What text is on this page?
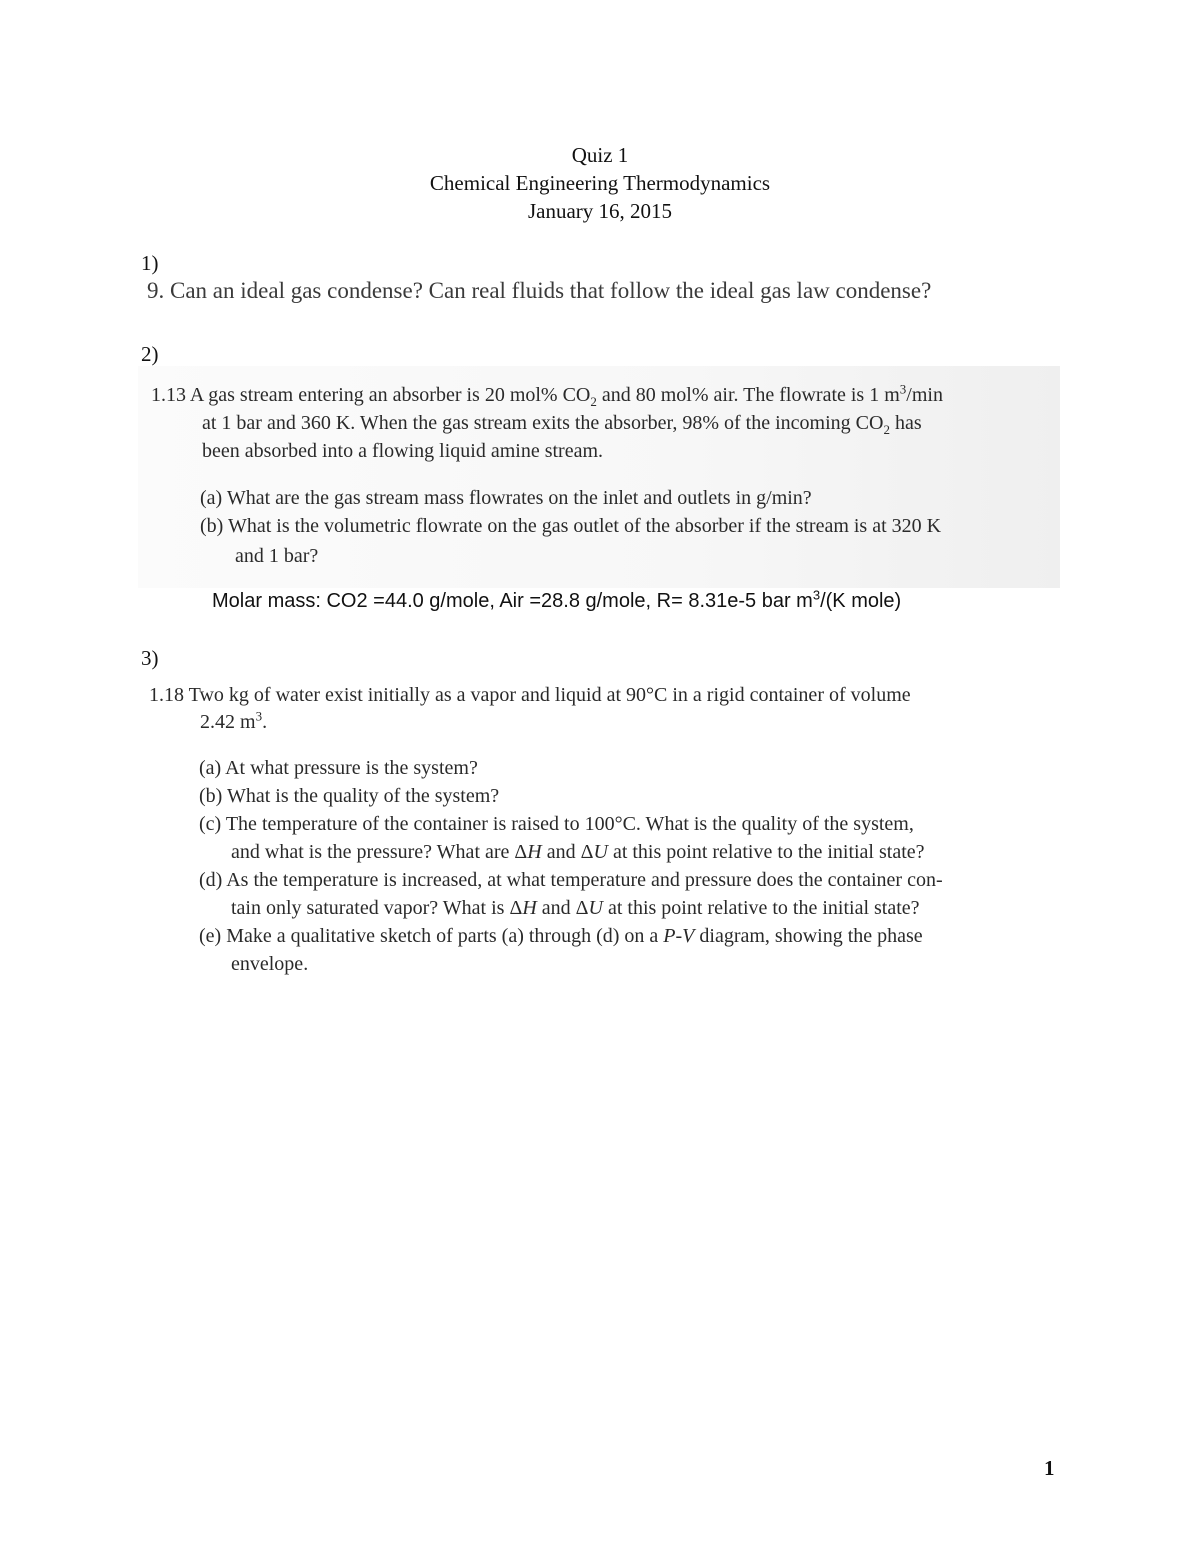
Quiz 1
Chemical Engineering Thermodynamics
January 16, 2015
1)
9. Can an ideal gas condense? Can real fluids that follow the ideal gas law condense?
2)
1.13 A gas stream entering an absorber is 20 mol% $CO_2$ and 80 mol% air. The flowrate is 1 $m^3/\min$
at 1 bar and 360 K. When the gas stream exits the absorber, 98% of the incoming $CO_2$ has
been absorbed into a flowing liquid amine stream.
(a) What are the gas stream mass flowrates on the inlet and outlets in g/min?
(b) What is the volumetric flowrate on the gas outlet of the absorber if the stream is at 320 K
and 1 bar?
Molar mass: CO2 =44.0 g/mole, Air =28.8 g/mole, R= 8.31e-5 bar $m^3/(K$ mole)
3)
1.18 Two kg of water exist initially as a vapor and liquid at 90°C in a rigid container of volume
2.42 $m^3$.
(a) At what pressure is the system?
(b) What is the quality of the system?
(c) The temperature of the container is raised to 100°C. What is the quality of the system,
and what is the pressure? What are ΔH and ΔU at this point relative to the initial state?
(d) As the temperature is increased, at what temperature and pressure does the container con-
tain only saturated vapor? What is ΔH and ΔU at this point relative to the initial state?
(e) Make a qualitative sketch of parts (a) through (d) on a P-V diagram, showing the phase
envelope.
1
